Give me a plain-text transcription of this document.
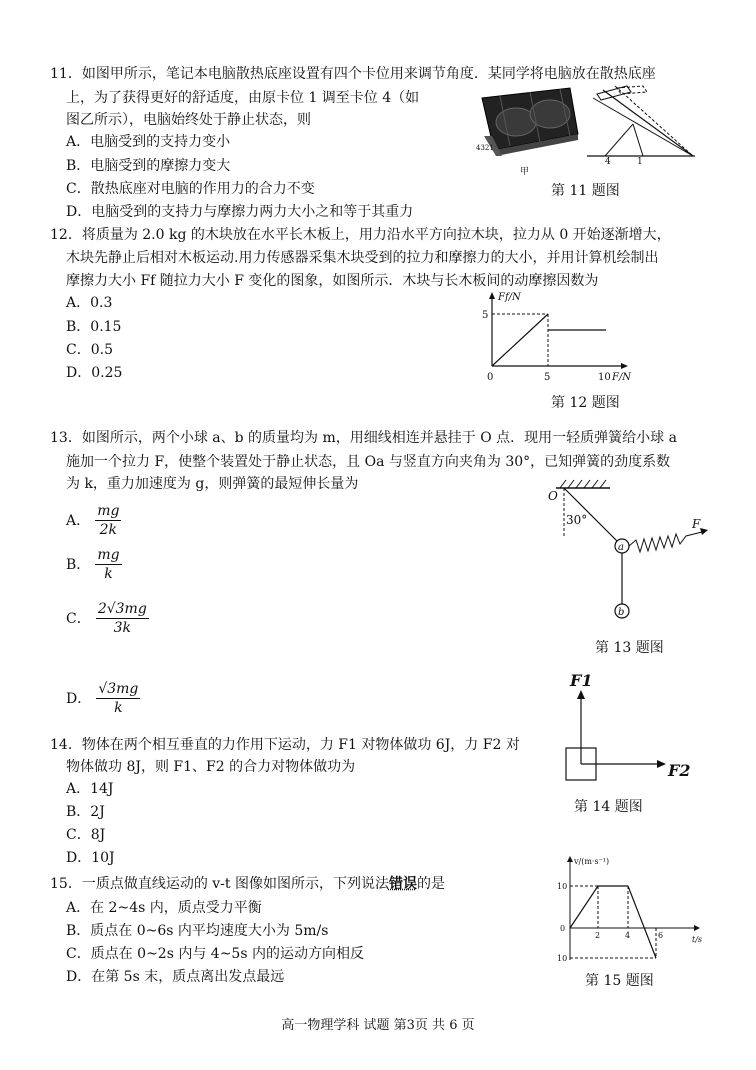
11．如图甲所示，笔记本电脑散热底座设置有四个卡位用来调节角度．某同学将电脑放在散热底座
上，为了获得更好的舒适度，由原卡位 1 调至卡位 4（如
图乙所示），电脑始终处于静止状态，则
A．电脑受到的支持力变小
B．电脑受到的摩擦力变大
C．散热底座对电脑的作用力的合力不变
D．电脑受到的支持力与摩擦力两力大小之和等于其重力
4321
甲
4	1
第 11 题图
12．将质量为 2.0 kg 的木块放在水平长木板上，用力沿水平方向拉木块，拉力从 0 开始逐渐增大，
木块先静止后相对木板运动.用力传感器采集木块受到的拉力和摩擦力的大小，并用计算机绘制出
摩擦力大小 Ff 随拉力大小 F 变化的图象，如图所示．木块与长木板间的动摩擦因数为
A．0.3
B．0.15
C．0.5
D．0.25
Ff/N
5
0	5	10 F/N
第 12 题图
13．如图所示，两个小球 a、b 的质量均为 m，用细线相连并悬挂于 O 点．现用一轻质弹簧给小球 a
施加一个拉力 F，使整个装置处于静止状态，且 Oa 与竖直方向夹角为 30°，已知弹簧的劲度系数
为 k，重力加速度为 g，则弹簧的最短伸长量为
A． $\frac{mg}{2k}$
B． $\frac{mg}{k}$
C． $\frac{2√3mg}{3k}$
D． $\frac{√3mg}{k}$
O
30°
a
b
F
第 13 题图
14．物体在两个相互垂直的力作用下运动，力 F1 对物体做功 6J，力 F2 对
物体做功 8J，则 F1、F2 的合力对物体做功为
A．14J
B．2J
C．8J
D．10J
F1
F2
第 14 题图
15．一质点做直线运动的 v-t 图像如图所示，下列说法错误的是
A．在 2~4s 内，质点受力平衡
B．质点在 0~6s 内平均速度大小为 5m/s
C．质点在 0~2s 内与 4~5s 内的运动方向相反
D．在第 5s 末，质点离出发点最远
v/(m·s⁻¹)
10
0
10
2	4	6	t/s
第 15 题图
高一物理学科 试题 第3页 共 6 页
